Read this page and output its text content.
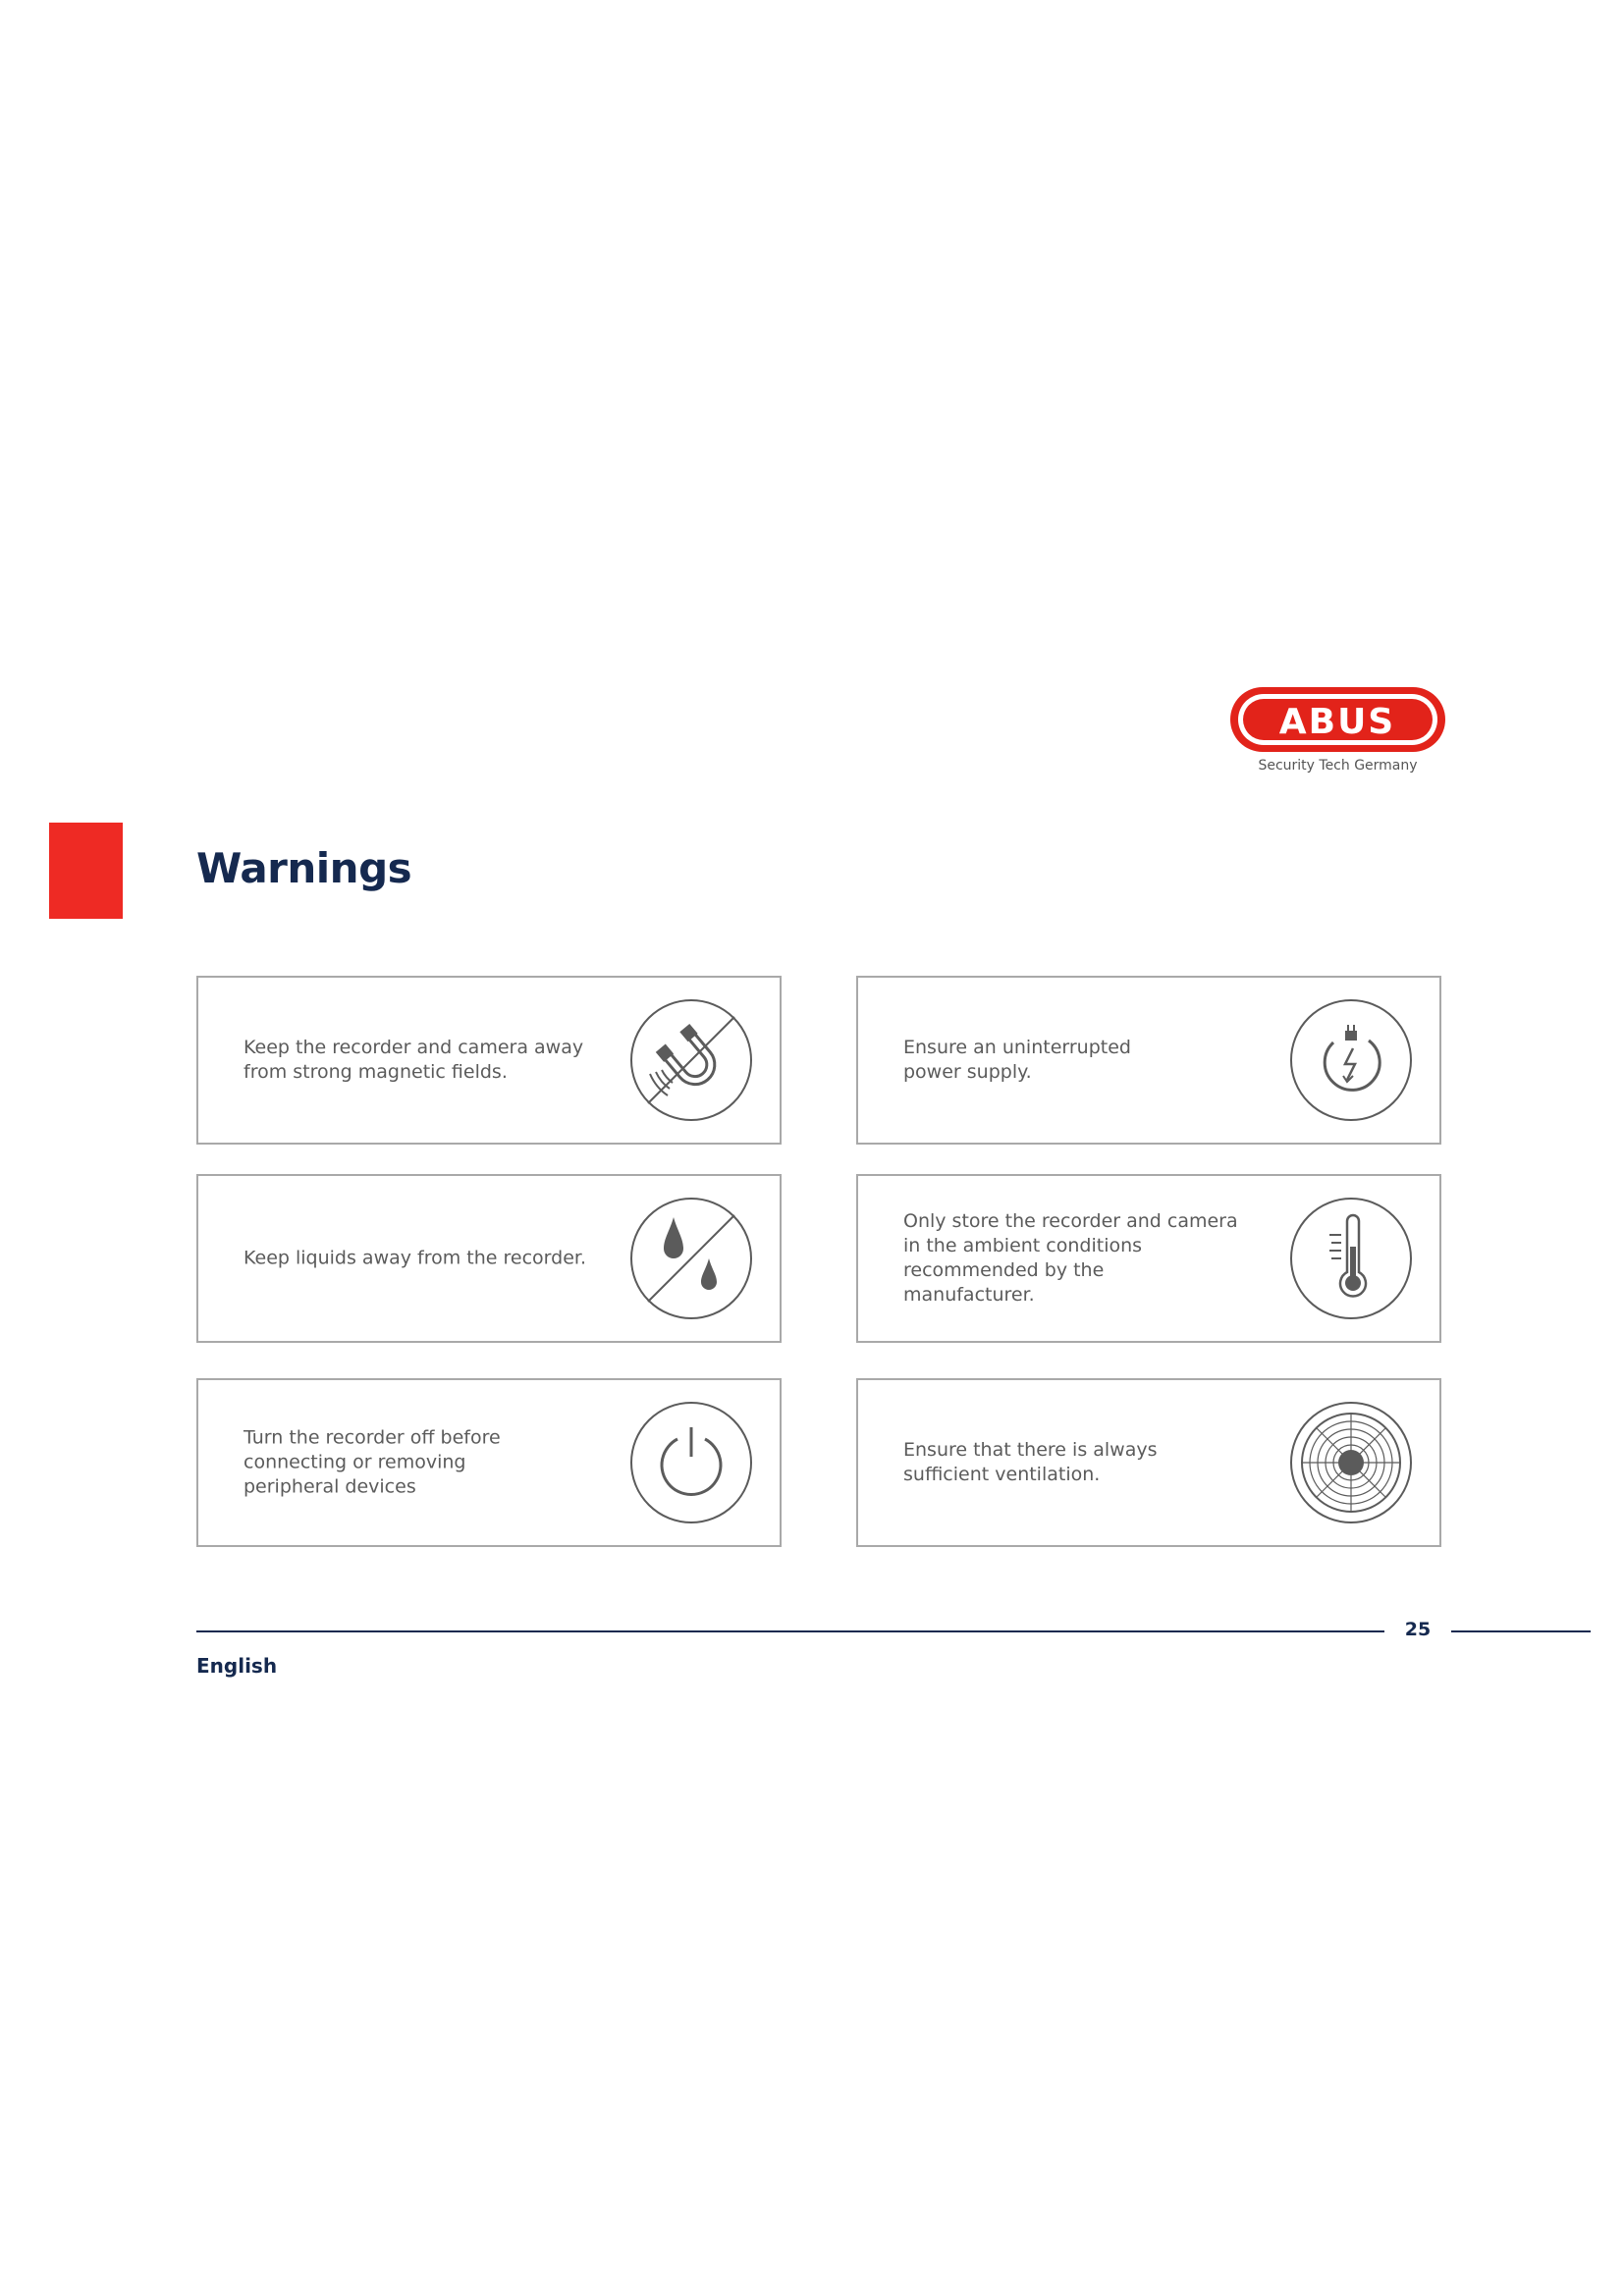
ABUS
Security Tech Germany
Warnings
Keep the recorder and camera away
from strong magnetic fields.
Ensure an uninterrupted
power supply.
Keep liquids away from the recorder.
Only store the recorder and camera
in the ambient conditions
recommended by the
manufacturer.
Turn the recorder off before
connecting or removing
peripheral devices
Ensure that there is always
sufficient ventilation.
25
English
